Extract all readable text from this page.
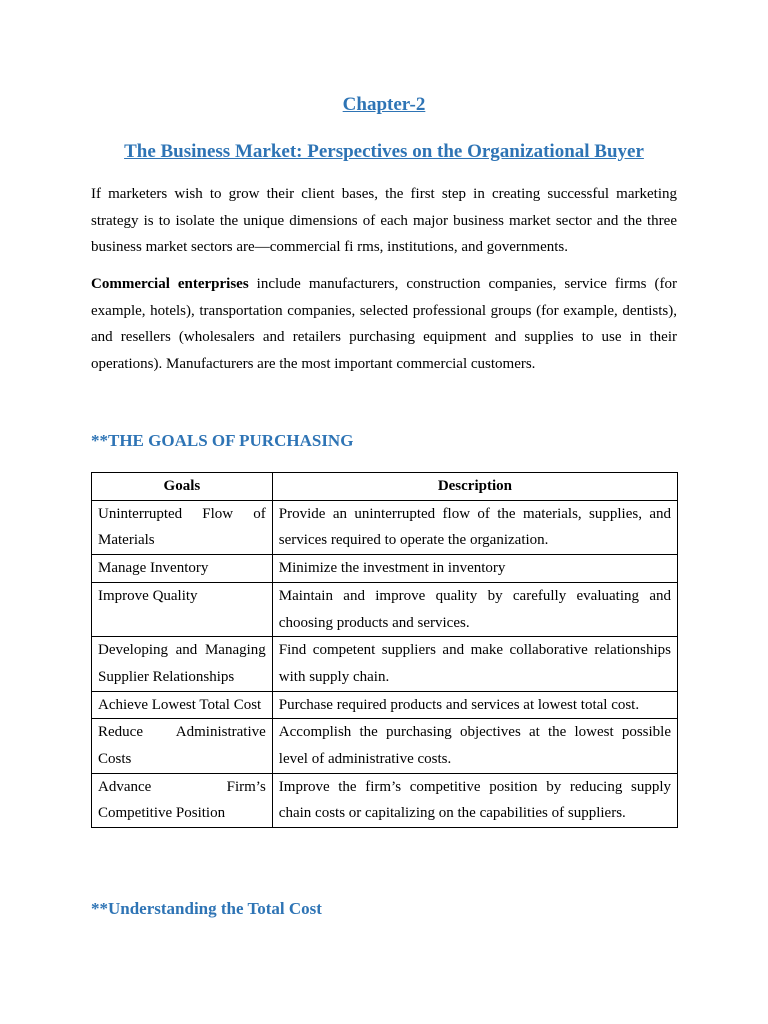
Chapter-2
The Business Market: Perspectives on the Organizational Buyer

If marketers wish to grow their client bases, the first step in creating successful marketing strategy is to isolate the unique dimensions of each major business market sector and the three business market sectors are—commercial fi rms, institutions, and governments.

Commercial enterprises include manufacturers, construction companies, service firms (for example, hotels), transportation companies, selected professional groups (for example, dentists), and resellers (wholesalers and retailers purchasing equipment and supplies to use in their operations). Manufacturers are the most important commercial customers.

**THE GOALS OF PURCHASING
Goals	Description
Uninterrupted Flow of Materials	Provide an uninterrupted flow of the materials, supplies, and services required to operate the organization.
Manage Inventory	Minimize the investment in inventory
Improve Quality	Maintain and improve quality by carefully evaluating and choosing products and services.
Developing and Managing Supplier Relationships	Find competent suppliers and make collaborative relationships with supply chain.
Achieve Lowest Total Cost	Purchase required products and services at lowest total cost.
Reduce Administrative Costs	Accomplish the purchasing objectives at the lowest possible level of administrative costs.
Advance Firm’s Competitive Position	Improve the firm’s competitive position by reducing supply chain costs or capitalizing on the capabilities of suppliers.
**Understanding the Total Cost
